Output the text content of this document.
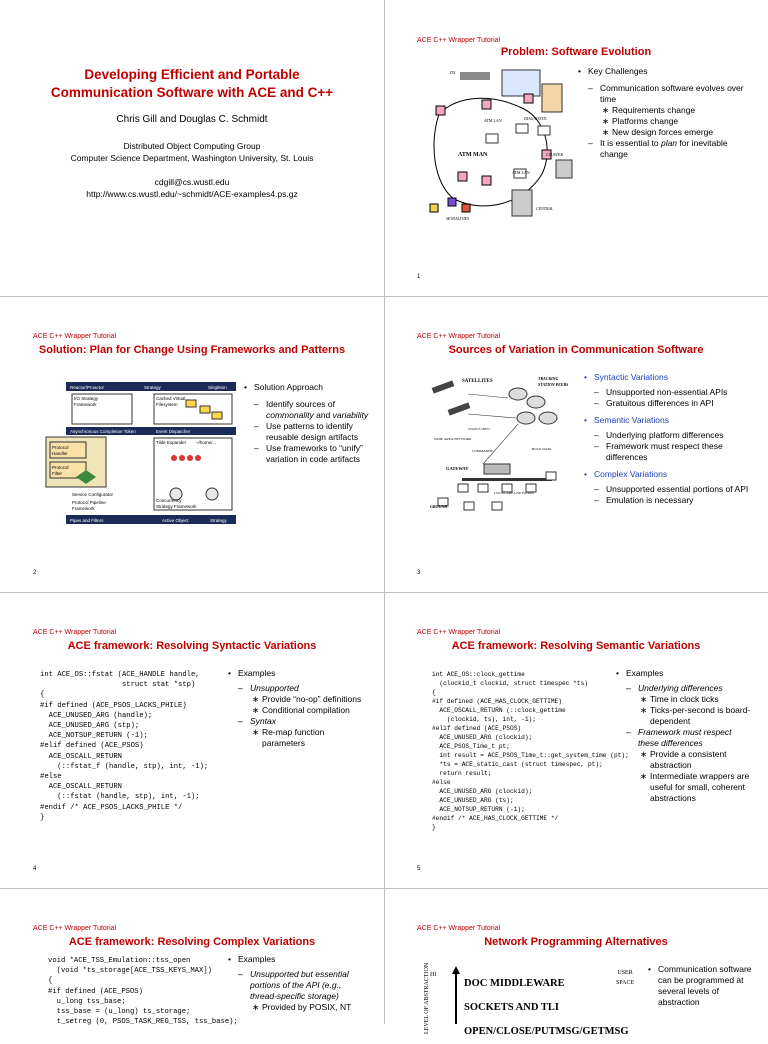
Developing Efficient and Portable
Communication Software with ACE and C++
Chris Gill and Douglas C. Schmidt
Distributed Object Computing Group
Computer Science Department, Washington University, St. Louis
cdgill@cs.wustl.edu
http://www.cs.wustl.edu/~schmidt/ACE-examples4.ps.gz
ACE C++ Wrapper Tutorial
Problem: Software Evolution
DX
ATM LAN	DIAGNOSTIC
ATM MAN	CLUSTER
ATM LAN
MODALITIES
CENTRAL
• Key Challenges
– Communication software evolves over time
∗ Requirements change
∗ Platforms change
∗ New design forces emerge
– It is essential to plan for inevitable change
1
ACE C++ Wrapper Tutorial
Solution: Plan for Change Using Frameworks and Patterns
Reactor/Proactor	Strategy	Singleton
Asynchronous Completion Token	Event Dispatcher
Pipes and Filters	Active Object	Strategy
Protocol
Handler
Protocol
Filter
I/O Strategy
Framework
Cached Virtual
Filesystem
Tilde Expander ~/home/...
Service Configurator
Protocol Pipeline
Framework
Concurrency
Strategy Framework
• Solution Approach
– Identify sources of commonality and variability
– Use patterns to identify reusable design artifacts
– Use frameworks to “unify” variation in code artifacts
2
ACE C++ Wrapper Tutorial
Sources of Variation in Communication Software
SATELLITES
TRACKING
STATION PEERS
STATUS INFO
WIDE AREA NETWORK
COMMANDS	BULK DATA
GATEWAY
LOCAL AREA NETWORK
GROUND
• Syntactic Variations
– Unsupported non-essential APIs
– Gratuitous differences in API
• Semantic Variations
– Underlying platform differences
– Framework must respect these differences
• Complex Variations
– Unsupported essential portions of API
– Emulation is necessary
3
ACE C++ Wrapper Tutorial
ACE framework: Resolving Syntactic Variations
int ACE_OS::fstat (ACE_HANDLE handle,
struct stat *stp)
{
#if defined (ACE_PSOS_LACKS_PHILE)
ACE_UNUSED_ARG (handle);
ACE_UNUSED_ARG (stp);
ACE_NOTSUP_RETURN (-1);
#elif defined (ACE_PSOS)
ACE_OSCALL_RETURN
(::fstat_f (handle, stp), int, -1);
#else
ACE_OSCALL_RETURN
(::fstat (handle, stp), int, -1);
#endif /* ACE_PSOS_LACKS_PHILE */
}
• Examples
– Unsupported
∗ Provide “no-op” definitions
∗ Conditional compilation
– Syntax
∗ Re-map function parameters
4
ACE C++ Wrapper Tutorial
ACE framework: Resolving Semantic Variations
int ACE_OS::clock_gettime
(clockid_t clockid, struct timespec *ts)
{
#if defined (ACE_HAS_CLOCK_GETTIME)
ACE_OSCALL_RETURN (::clock_gettime
(clockid, ts), int, -1);
#elif defined (ACE_PSOS)
ACE_UNUSED_ARG (clockid);
ACE_PSOS_Time_t pt;
int result = ACE_PSOS_Time_t::get_system_time (pt);
*ts = ACE_static_cast (struct timespec, pt);
return result;
#else
ACE_UNUSED_ARG (clockid);
ACE_UNUSED_ARG (ts);
ACE_NOTSUP_RETURN (-1);
#endif /* ACE_HAS_CLOCK_GETTIME */
}
• Examples
– Underlying differences
∗ Time in clock ticks
∗ Ticks-per-second is board-dependent
– Framework must respect these differences
∗ Provide a consistent abstraction
∗ Intermediate wrappers are useful for small, coherent abstractions
5
ACE C++ Wrapper Tutorial
ACE framework: Resolving Complex Variations
void *ACE_TSS_Emulation::tss_open
(void *ts_storage[ACE_TSS_KEYS_MAX])
{
#if defined (ACE_PSOS)
u_long tss_base;
tss_base = (u_long) ts_storage;
t_setreg (0, PSOS_TASK_REG_TSS, tss_base);
• Examples
– Unsupported but essential portions of the API (e.g., thread-specific storage)
∗ Provided by POSIX, NT
ACE C++ Wrapper Tutorial
Network Programming Alternatives
HI
LEVEL OF ABSTRACTION	DOC MIDDLEWARE
SOCKETS AND TLI
OPEN/CLOSE/PUTMSG/GETMSG
USER
SPACE
• Communication software can be programmed at several levels of abstraction
